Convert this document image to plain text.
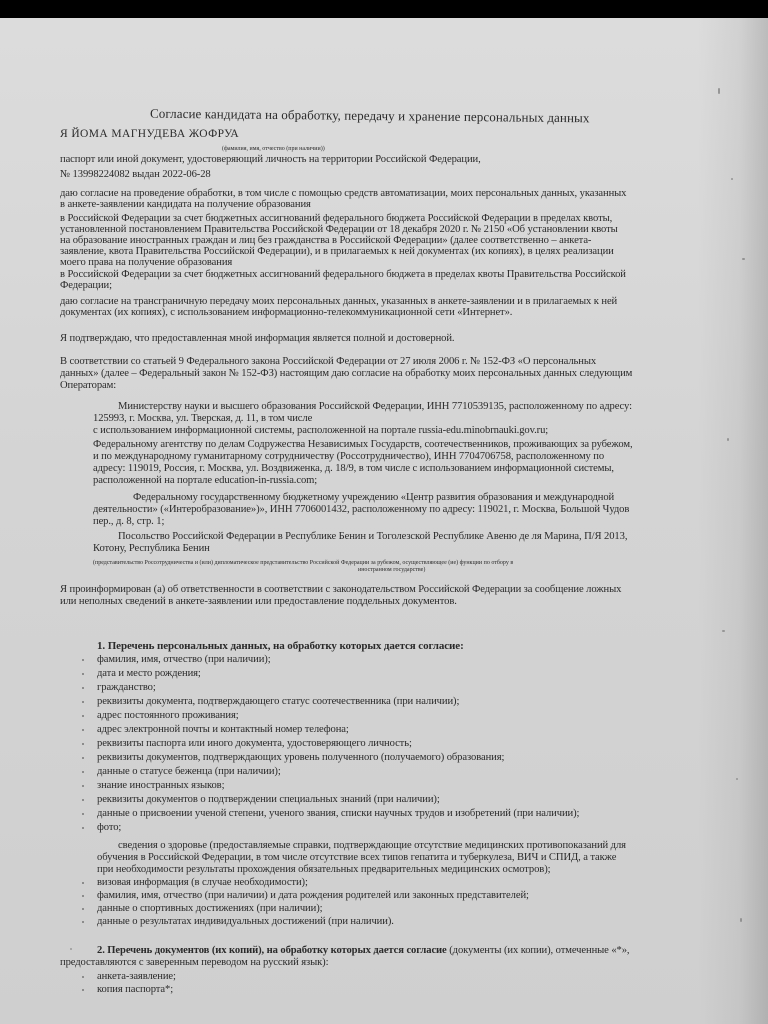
Согласие кандидата на обработку, передачу и хранение персональных данных
Я ЙОМА МАГНУДЕВА ЖОФРУА
(фамилия, имя, отчество (при наличии))
паспорт или иной документ, удостоверяющий личность на территории Российской Федерации,
№ 13998224082 выдан 2022-06-28
даю согласие на проведение обработки, в том числе с помощью средств автоматизации, моих персональных данных, указанных
в анкете-заявлении кандидата на получение образования
в Российской Федерации за счет бюджетных ассигнований федерального бюджета Российской Федерации в пределах квоты,
установленной постановлением Правительства Российской Федерации от 18 декабря 2020 г. № 2150 «Об установлении квоты
на образование иностранных граждан и лиц без гражданства в Российской Федерации» (далее соответственно – анкета-
заявление, квота Правительства Российской Федерации), и в прилагаемых к ней документах (их копиях), в целях реализации
моего права на получение образования
в Российской Федерации за счет бюджетных ассигнований федерального бюджета в пределах квоты Правительства Российской
Федерации;
даю согласие на трансграничную передачу моих персональных данных, указанных в анкете-заявлении и в прилагаемых к ней
документах (их копиях), с использованием информационно-телекоммуникационной сети «Интернет».
Я подтверждаю, что предоставленная мной информация является полной и достоверной.
В соответствии со статьей 9 Федерального закона Российской Федерации от 27 июля 2006 г. № 152-ФЗ «О персональных
данных» (далее – Федеральный закон № 152-ФЗ) настоящим даю согласие на обработку моих персональных данных следующим
Операторам:
Министерству науки и высшего образования Российской Федерации, ИНН 7710539135, расположенному по адресу:
125993, г. Москва, ул. Тверская, д. 11, в том числе
с использованием информационной системы, расположенной на портале russia-edu.minobrnauki.gov.ru;
Федеральному агентству по делам Содружества Независимых Государств, соотечественников, проживающих за рубежом,
и по международному гуманитарному сотрудничеству (Россотрудничество), ИНН 7704706758, расположенному по
адресу: 119019, Россия, г. Москва, ул. Воздвиженка, д. 18/9, в том числе с использованием информационной системы,
расположенной на портале education-in-russia.com;
Федеральному государственному бюджетному учреждению «Центр развития образования и международной
деятельности» («Интеробразование»)», ИНН 7706001432, расположенному по адресу: 119021, г. Москва, Большой Чудов
пер., д. 8, стр. 1;
Посольство Российской Федерации в Республике Бенин и Тоголезской Республике Авеню де ля Марина, П/Я 2013,
Котону, Республика Бенин
(представительство Россотрудничества и (или) дипломатическое представительство Российской Федерации за рубежом, осуществляющее (ие) функции по отбору в
иностранном государстве)
Я проинформирован (а) об ответственности в соответствии с законодательством Российской Федерации за сообщение ложных
или неполных сведений в анкете-заявлении или предоставление поддельных документов.
1. Перечень персональных данных, на обработку которых дается согласие:
фамилия, имя, отчество (при наличии);
дата и место рождения;
гражданство;
реквизиты документа, подтверждающего статус соотечественника (при наличии);
адрес постоянного проживания;
адрес электронной почты и контактный номер телефона;
реквизиты паспорта или иного документа, удостоверяющего личность;
реквизиты документов, подтверждающих уровень полученного (получаемого) образования;
данные о статусе беженца (при наличии);
знание иностранных языков;
реквизиты документов о подтверждении специальных знаний (при наличии);
данные о присвоении ученой степени, ученого звания, списки научных трудов и изобретений (при наличии);
фото;
сведения о здоровье (предоставляемые справки, подтверждающие отсутствие медицинских противопоказаний для
обучения в Российской Федерации, в том числе отсутствие всех типов гепатита и туберкулеза, ВИЧ и СПИД, а также
при необходимости результаты прохождения обязательных предварительных медицинских осмотров);
визовая информация (в случае необходимости);
фамилия, имя, отчество (при наличии) и дата рождения родителей или законных представителей;
данные о спортивных достижениях (при наличии);
данные о результатах индивидуальных достижений (при наличии).
2. Перечень документов (их копий), на обработку которых дается согласие (документы (их копии), отмеченные «*»,
предоставляются с заверенным переводом на русский язык):
анкета-заявление;
копия паспорта*;
